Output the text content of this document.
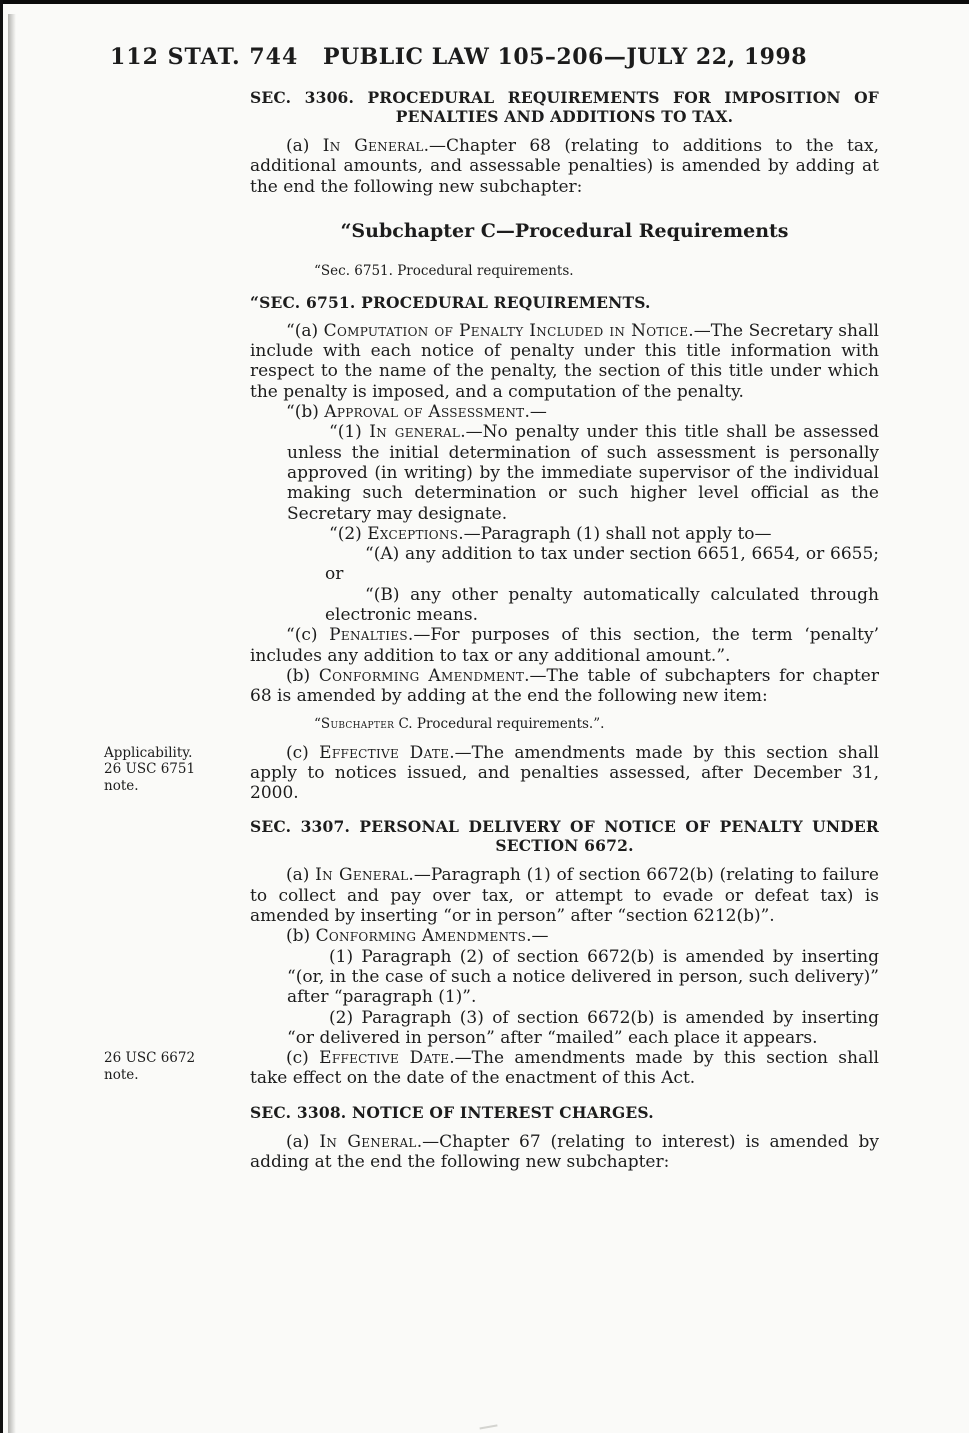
112 STAT. 744	PUBLIC LAW 105–206—JULY 22, 1998
SEC. 3306. PROCEDURAL REQUIREMENTS FOR IMPOSITION OF
PENALTIES AND ADDITIONS TO TAX.

(a) In General.—Chapter 68 (relating to additions to the tax, additional amounts, and assessable penalties) is amended by adding at the end the following new subchapter:

“Subchapter C—Procedural Requirements
“Sec. 6751. Procedural requirements.
“SEC. 6751. PROCEDURAL REQUIREMENTS.

“(a) Computation of Penalty Included in Notice.—The Secretary shall include with each notice of penalty under this title information with respect to the name of the penalty, the section of this title under which the penalty is imposed, and a computation of the penalty.

“(b) Approval of Assessment.—

“(1) In general.—No penalty under this title shall be assessed unless the initial determination of such assessment is personally approved (in writing) by the immediate supervisor of the individual making such determination or such higher level official as the Secretary may designate.

“(2) Exceptions.—Paragraph (1) shall not apply to—

“(A) any addition to tax under section 6651, 6654, or 6655; or

“(B) any other penalty automatically calculated through electronic means.

“(c) Penalties.—For purposes of this section, the term ‘penalty’ includes any addition to tax or any additional amount.”.

(b) Conforming Amendment.—The table of subchapters for chapter 68 is amended by adding at the end the following new item:

“Subchapter C. Procedural requirements.”.
Applicability.
26 USC 6751
note.

(c) Effective Date.—The amendments made by this section shall apply to notices issued, and penalties assessed, after December 31, 2000.

SEC. 3307. PERSONAL DELIVERY OF NOTICE OF PENALTY UNDER
SECTION 6672.

(a) In General.—Paragraph (1) of section 6672(b) (relating to failure to collect and pay over tax, or attempt to evade or defeat tax) is amended by inserting “or in person” after “section 6212(b)”.

(b) Conforming Amendments.—

(1) Paragraph (2) of section 6672(b) is amended by inserting “(or, in the case of such a notice delivered in person, such delivery)” after “paragraph (1)”.

(2) Paragraph (3) of section 6672(b) is amended by inserting “or delivered in person” after “mailed” each place it appears.

26 USC 6672
note.

(c) Effective Date.—The amendments made by this section shall take effect on the date of the enactment of this Act.

SEC. 3308. NOTICE OF INTEREST CHARGES.

(a) In General.—Chapter 67 (relating to interest) is amended by adding at the end the following new subchapter:
